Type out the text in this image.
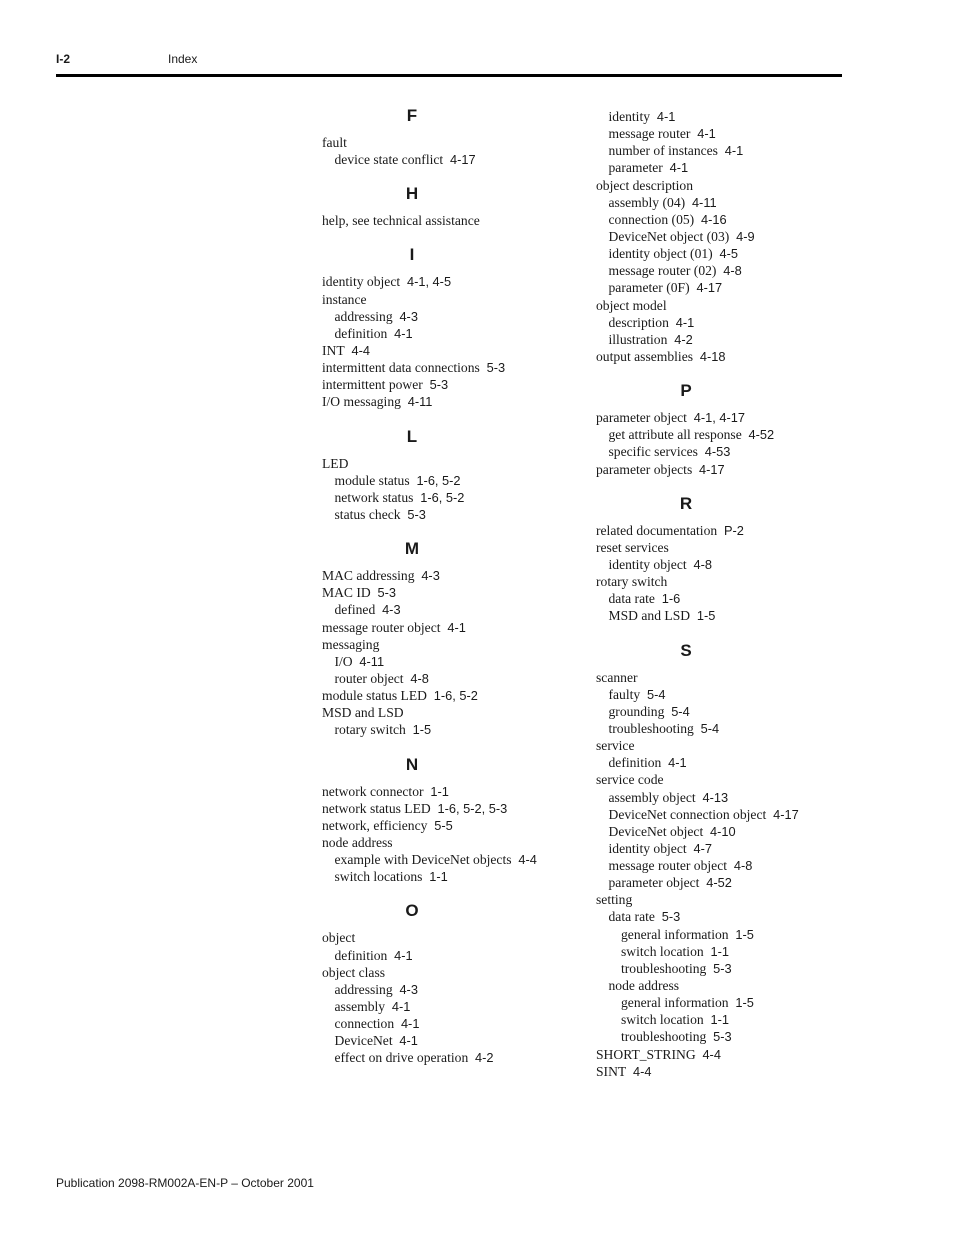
I-2	Index
F
fault
device state conflict 4-17
H
help, see technical assistance
I
identity object 4-1, 4-5
instance
addressing 4-3
definition 4-1
INT 4-4
intermittent data connections 5-3
intermittent power 5-3
I/O messaging 4-11
L
LED
module status 1-6, 5-2
network status 1-6, 5-2
status check 5-3
M
MAC addressing 4-3
MAC ID 5-3
defined 4-3
message router object 4-1
messaging
I/O 4-11
router object 4-8
module status LED 1-6, 5-2
MSD and LSD
rotary switch 1-5
N
network connector 1-1
network status LED 1-6, 5-2, 5-3
network, efficiency 5-5
node address
example with DeviceNet objects 4-4
switch locations 1-1
O
object
definition 4-1
object class
addressing 4-3
assembly 4-1
connection 4-1
DeviceNet 4-1
effect on drive operation 4-2
identity 4-1
message router 4-1
number of instances 4-1
parameter 4-1
object description
assembly (04) 4-11
connection (05) 4-16
DeviceNet object (03) 4-9
identity object (01) 4-5
message router (02) 4-8
parameter (0F) 4-17
object model
description 4-1
illustration 4-2
output assemblies 4-18
P
parameter object 4-1, 4-17
get attribute all response 4-52
specific services 4-53
parameter objects 4-17
R
related documentation P-2
reset services
identity object 4-8
rotary switch
data rate 1-6
MSD and LSD 1-5
S
scanner
faulty 5-4
grounding 5-4
troubleshooting 5-4
service
definition 4-1
service code
assembly object 4-13
DeviceNet connection object 4-17
DeviceNet object 4-10
identity object 4-7
message router object 4-8
parameter object 4-52
setting
data rate 5-3
general information 1-5
switch location 1-1
troubleshooting 5-3
node address
general information 1-5
switch location 1-1
troubleshooting 5-3
SHORT_STRING 4-4
SINT 4-4
Publication 2098-RM002A-EN-P – October 2001
